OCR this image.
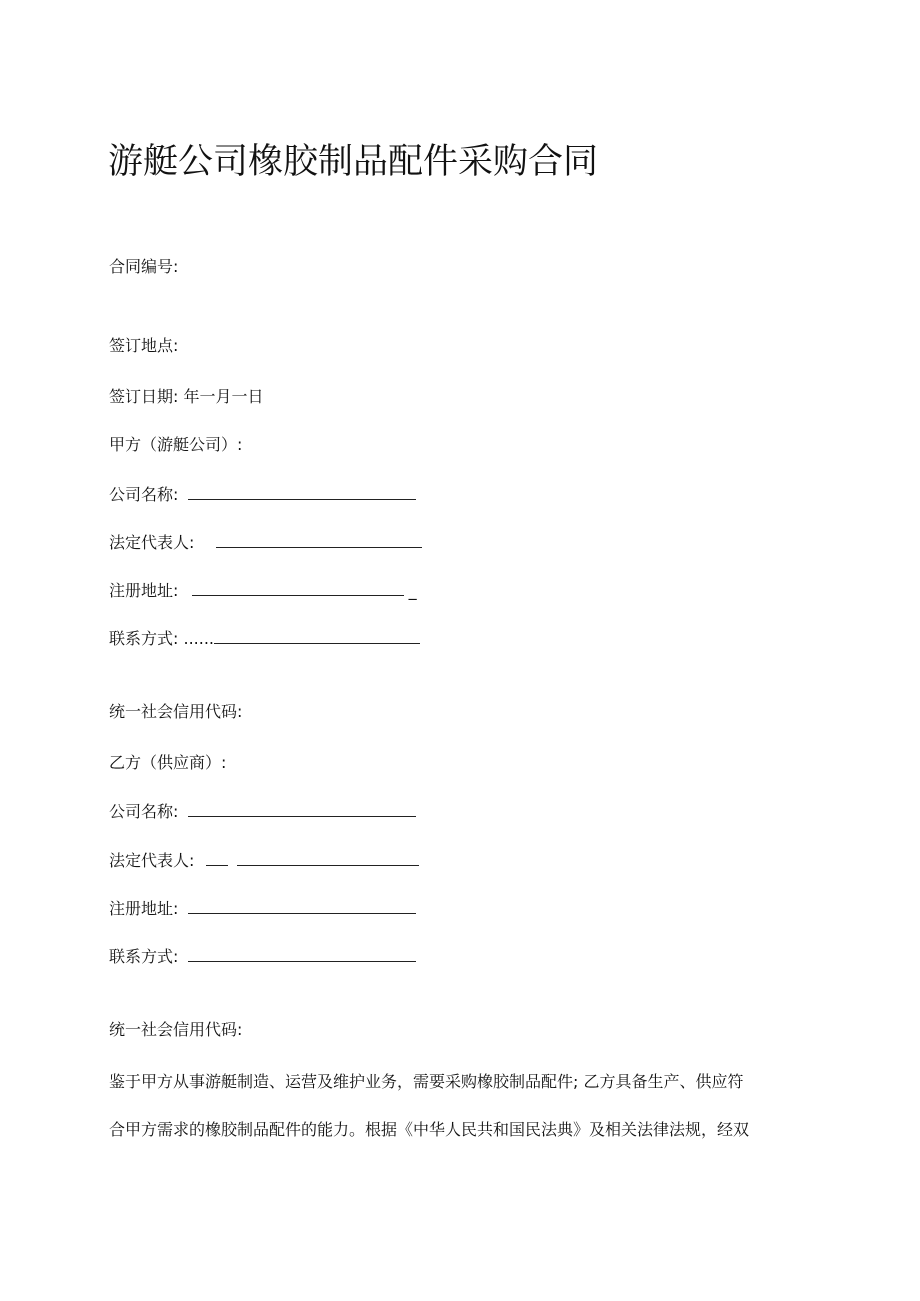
游艇公司橡胶制品配件采购合同
合同编号:
签订地点:
签订日期: 年一月一日
甲方（游艇公司）:
公司名称:
法定代表人:
注册地址:	_
联系方式: ......
统一社会信用代码:
乙方（供应商）:
公司名称:
法定代表人:
注册地址:
联系方式:
统一社会信用代码:
鉴于甲方从事游艇制造、运营及维护业务，需要采购橡胶制品配件; 乙方具备生产、供应符
合甲方需求的橡胶制品配件的能力。根据《中华人民共和国民法典》及相关法律法规，经双
